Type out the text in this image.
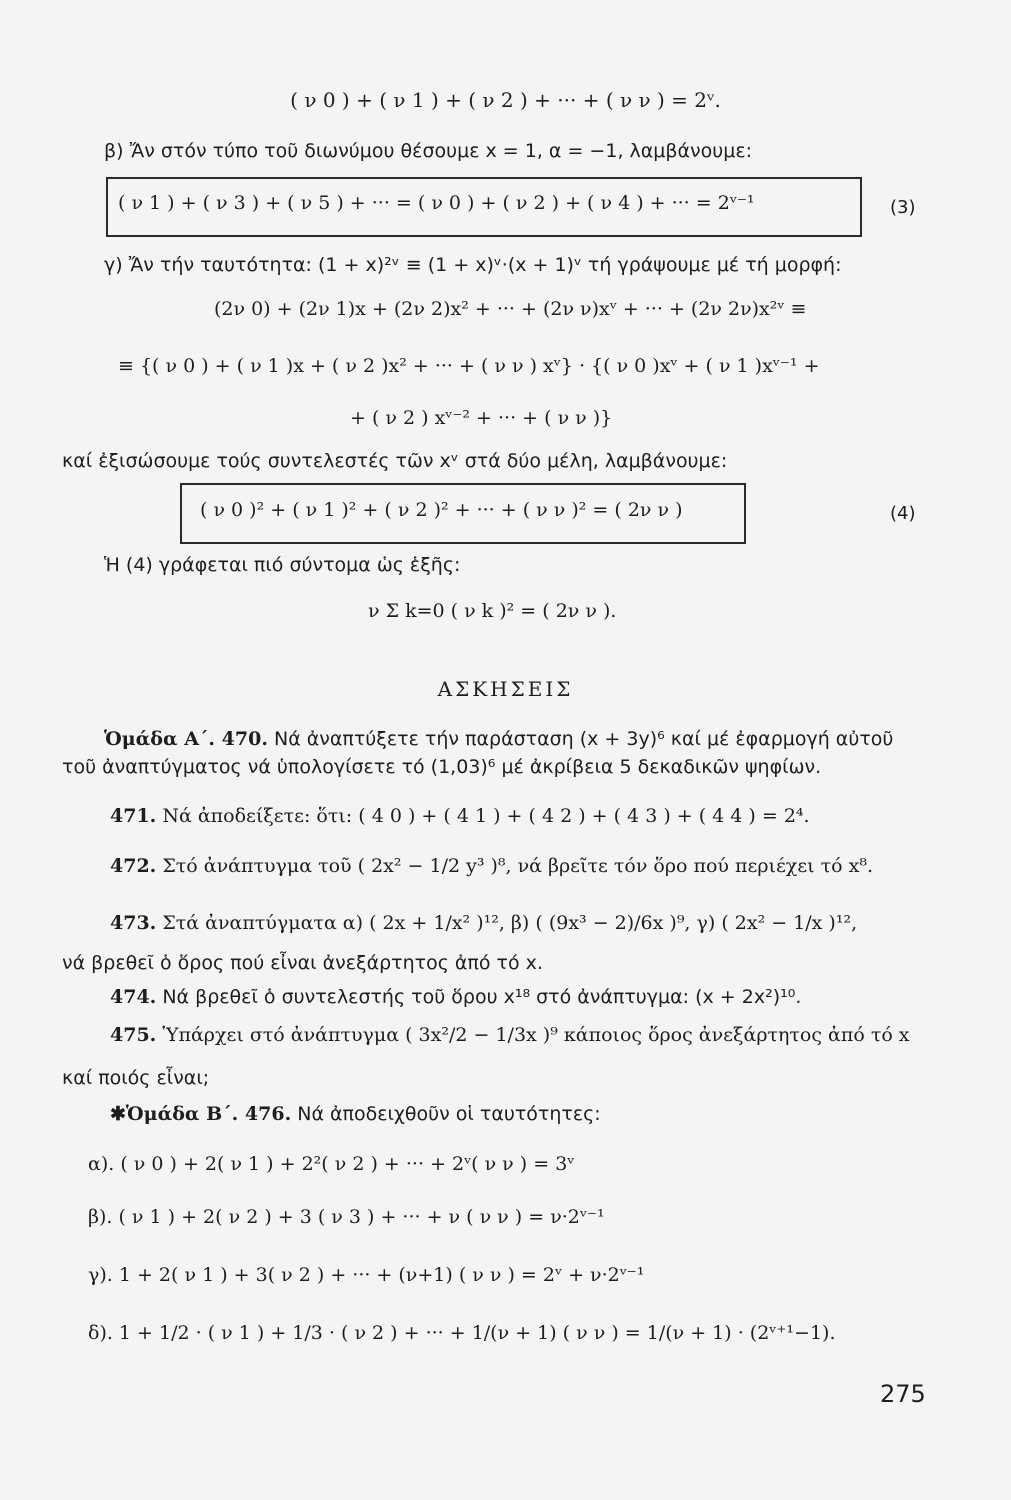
( ν 0 ) + ( ν 1 ) + ( ν 2 ) + ··· + ( ν ν ) = 2ᵛ.
β) Ἄν στόν τύπο τοῦ διωνύμου θέσουμε x = 1, α = −1, λαμβάνουμε:
( ν 1 ) + ( ν 3 ) + ( ν 5 ) + ··· = ( ν 0 ) + ( ν 2 ) + ( ν 4 ) + ··· = 2ᵛ⁻¹	(3)
γ) Ἄν τήν ταυτότητα: (1 + x)²ᵛ ≡ (1 + x)ᵛ·(x + 1)ᵛ τή γράψουμε μέ τή μορφή:
(2ν 0) + (2ν 1)x + (2ν 2)x² + ··· + (2ν ν)xᵛ + ··· + (2ν 2ν)x²ᵛ ≡
≡ {( ν 0 ) + ( ν 1 )x + ( ν 2 )x² + ··· + ( ν ν ) xᵛ} · {( ν 0 )xᵛ + ( ν 1 )xᵛ⁻¹ +
+ ( ν 2 ) xᵛ⁻² + ··· + ( ν ν )}
καί ἐξισώσουμε τούς συντελεστές τῶν xᵛ στά δύο μέλη, λαμβάνουμε:
( ν 0 )² + ( ν 1 )² + ( ν 2 )² + ··· + ( ν ν )² = ( 2ν ν )	(4)
Ἡ (4) γράφεται πιό σύντομα ὡς ἑξῆς:
ν Σ k=0 ( ν k )² = ( 2ν ν ).
ΑΣΚΗΣΕΙΣ
Ὁμάδα Α΄. 470. Νά ἀναπτύξετε τήν παράσταση (x + 3y)⁶ καί μέ ἐφαρμογή αὐτοῦ
τοῦ ἀναπτύγματος νά ὑπολογίσετε τό (1,03)⁶ μέ ἀκρίβεια 5 δεκαδικῶν ψηφίων.
471. Νά ἀποδείξετε: ὅτι: ( 4 0 ) + ( 4 1 ) + ( 4 2 ) + ( 4 3 ) + ( 4 4 ) = 2⁴.
472. Στό ἀνάπτυγμα τοῦ ( 2x² − 1/2 y³ )⁸, νά βρεῖτε τόν ὅρο πού περιέχει τό x⁸.
473. Στά ἀναπτύγματα α) ( 2x + 1/x² )¹², β) ( (9x³ − 2)/6x )⁹, γ) ( 2x² − 1/x )¹²,
νά βρεθεῖ ὁ ὅρος πού εἶναι ἀνεξάρτητος ἀπό τό x.
474. Νά βρεθεῖ ὁ συντελεστής τοῦ ὅρου x¹⁸ στό ἀνάπτυγμα: (x + 2x²)¹⁰.
475. Ὑπάρχει στό ἀνάπτυγμα ( 3x²/2 − 1/3x )⁹ κάποιος ὅρος ἀνεξάρτητος ἀπό τό x
καί ποιός εἶναι;
✱Ὁμάδα Β΄. 476. Νά ἀποδειχθοῦν οἱ ταυτότητες:
α). ( ν 0 ) + 2( ν 1 ) + 2²( ν 2 ) + ··· + 2ᵛ( ν ν ) = 3ᵛ
β). ( ν 1 ) + 2( ν 2 ) + 3 ( ν 3 ) + ··· + ν ( ν ν ) = ν·2ᵛ⁻¹
γ). 1 + 2( ν 1 ) + 3( ν 2 ) + ··· + (ν+1) ( ν ν ) = 2ᵛ + ν·2ᵛ⁻¹
δ). 1 + 1/2 · ( ν 1 ) + 1/3 · ( ν 2 ) + ··· + 1/(ν + 1) ( ν ν ) = 1/(ν + 1) · (2ᵛ⁺¹−1).
275
